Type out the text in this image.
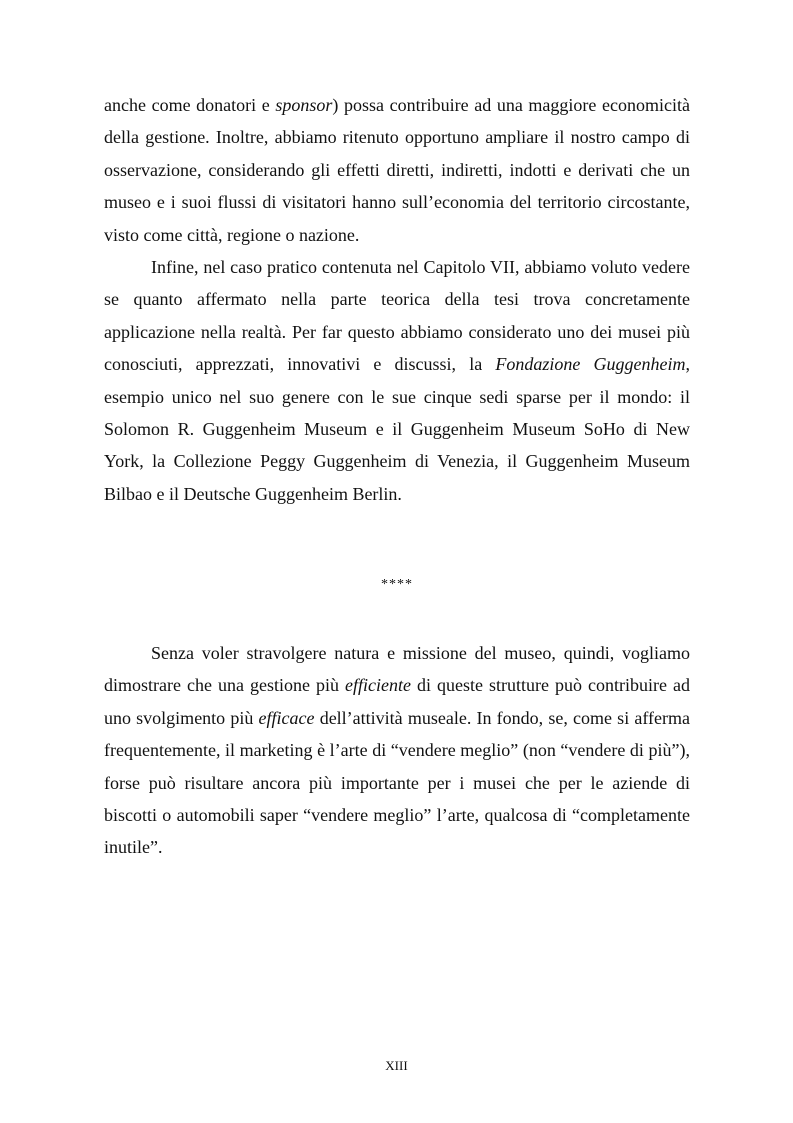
anche come donatori e sponsor) possa contribuire ad una maggiore economicità della gestione. Inoltre, abbiamo ritenuto opportuno ampliare il nostro campo di osservazione, considerando gli effetti diretti, indiretti, indotti e derivati che un museo e i suoi flussi di visitatori hanno sull’economia del territorio circostante, visto come città, regione o nazione.

Infine, nel caso pratico contenuta nel Capitolo VII, abbiamo voluto vedere se quanto affermato nella parte teorica della tesi trova concretamente applicazione nella realtà. Per far questo abbiamo considerato uno dei musei più conosciuti, apprezzati, innovativi e discussi, la Fondazione Guggenheim, esempio unico nel suo genere con le sue cinque sedi sparse per il mondo: il Solomon R. Guggenheim Museum e il Guggenheim Museum SoHo di New York, la Collezione Peggy Guggenheim di Venezia, il Guggenheim Museum Bilbao e il Deutsche Guggenheim Berlin.

****

Senza voler stravolgere natura e missione del museo, quindi, vogliamo dimostrare che una gestione più efficiente di queste strutture può contribuire ad uno svolgimento più efficace dell’attività museale. In fondo, se, come si afferma frequentemente, il marketing è l’arte di “vendere meglio” (non “vendere di più”), forse può risultare ancora più importante per i musei che per le aziende di biscotti o automobili saper “vendere meglio” l’arte, qualcosa di “completamente inutile”.

XIII
